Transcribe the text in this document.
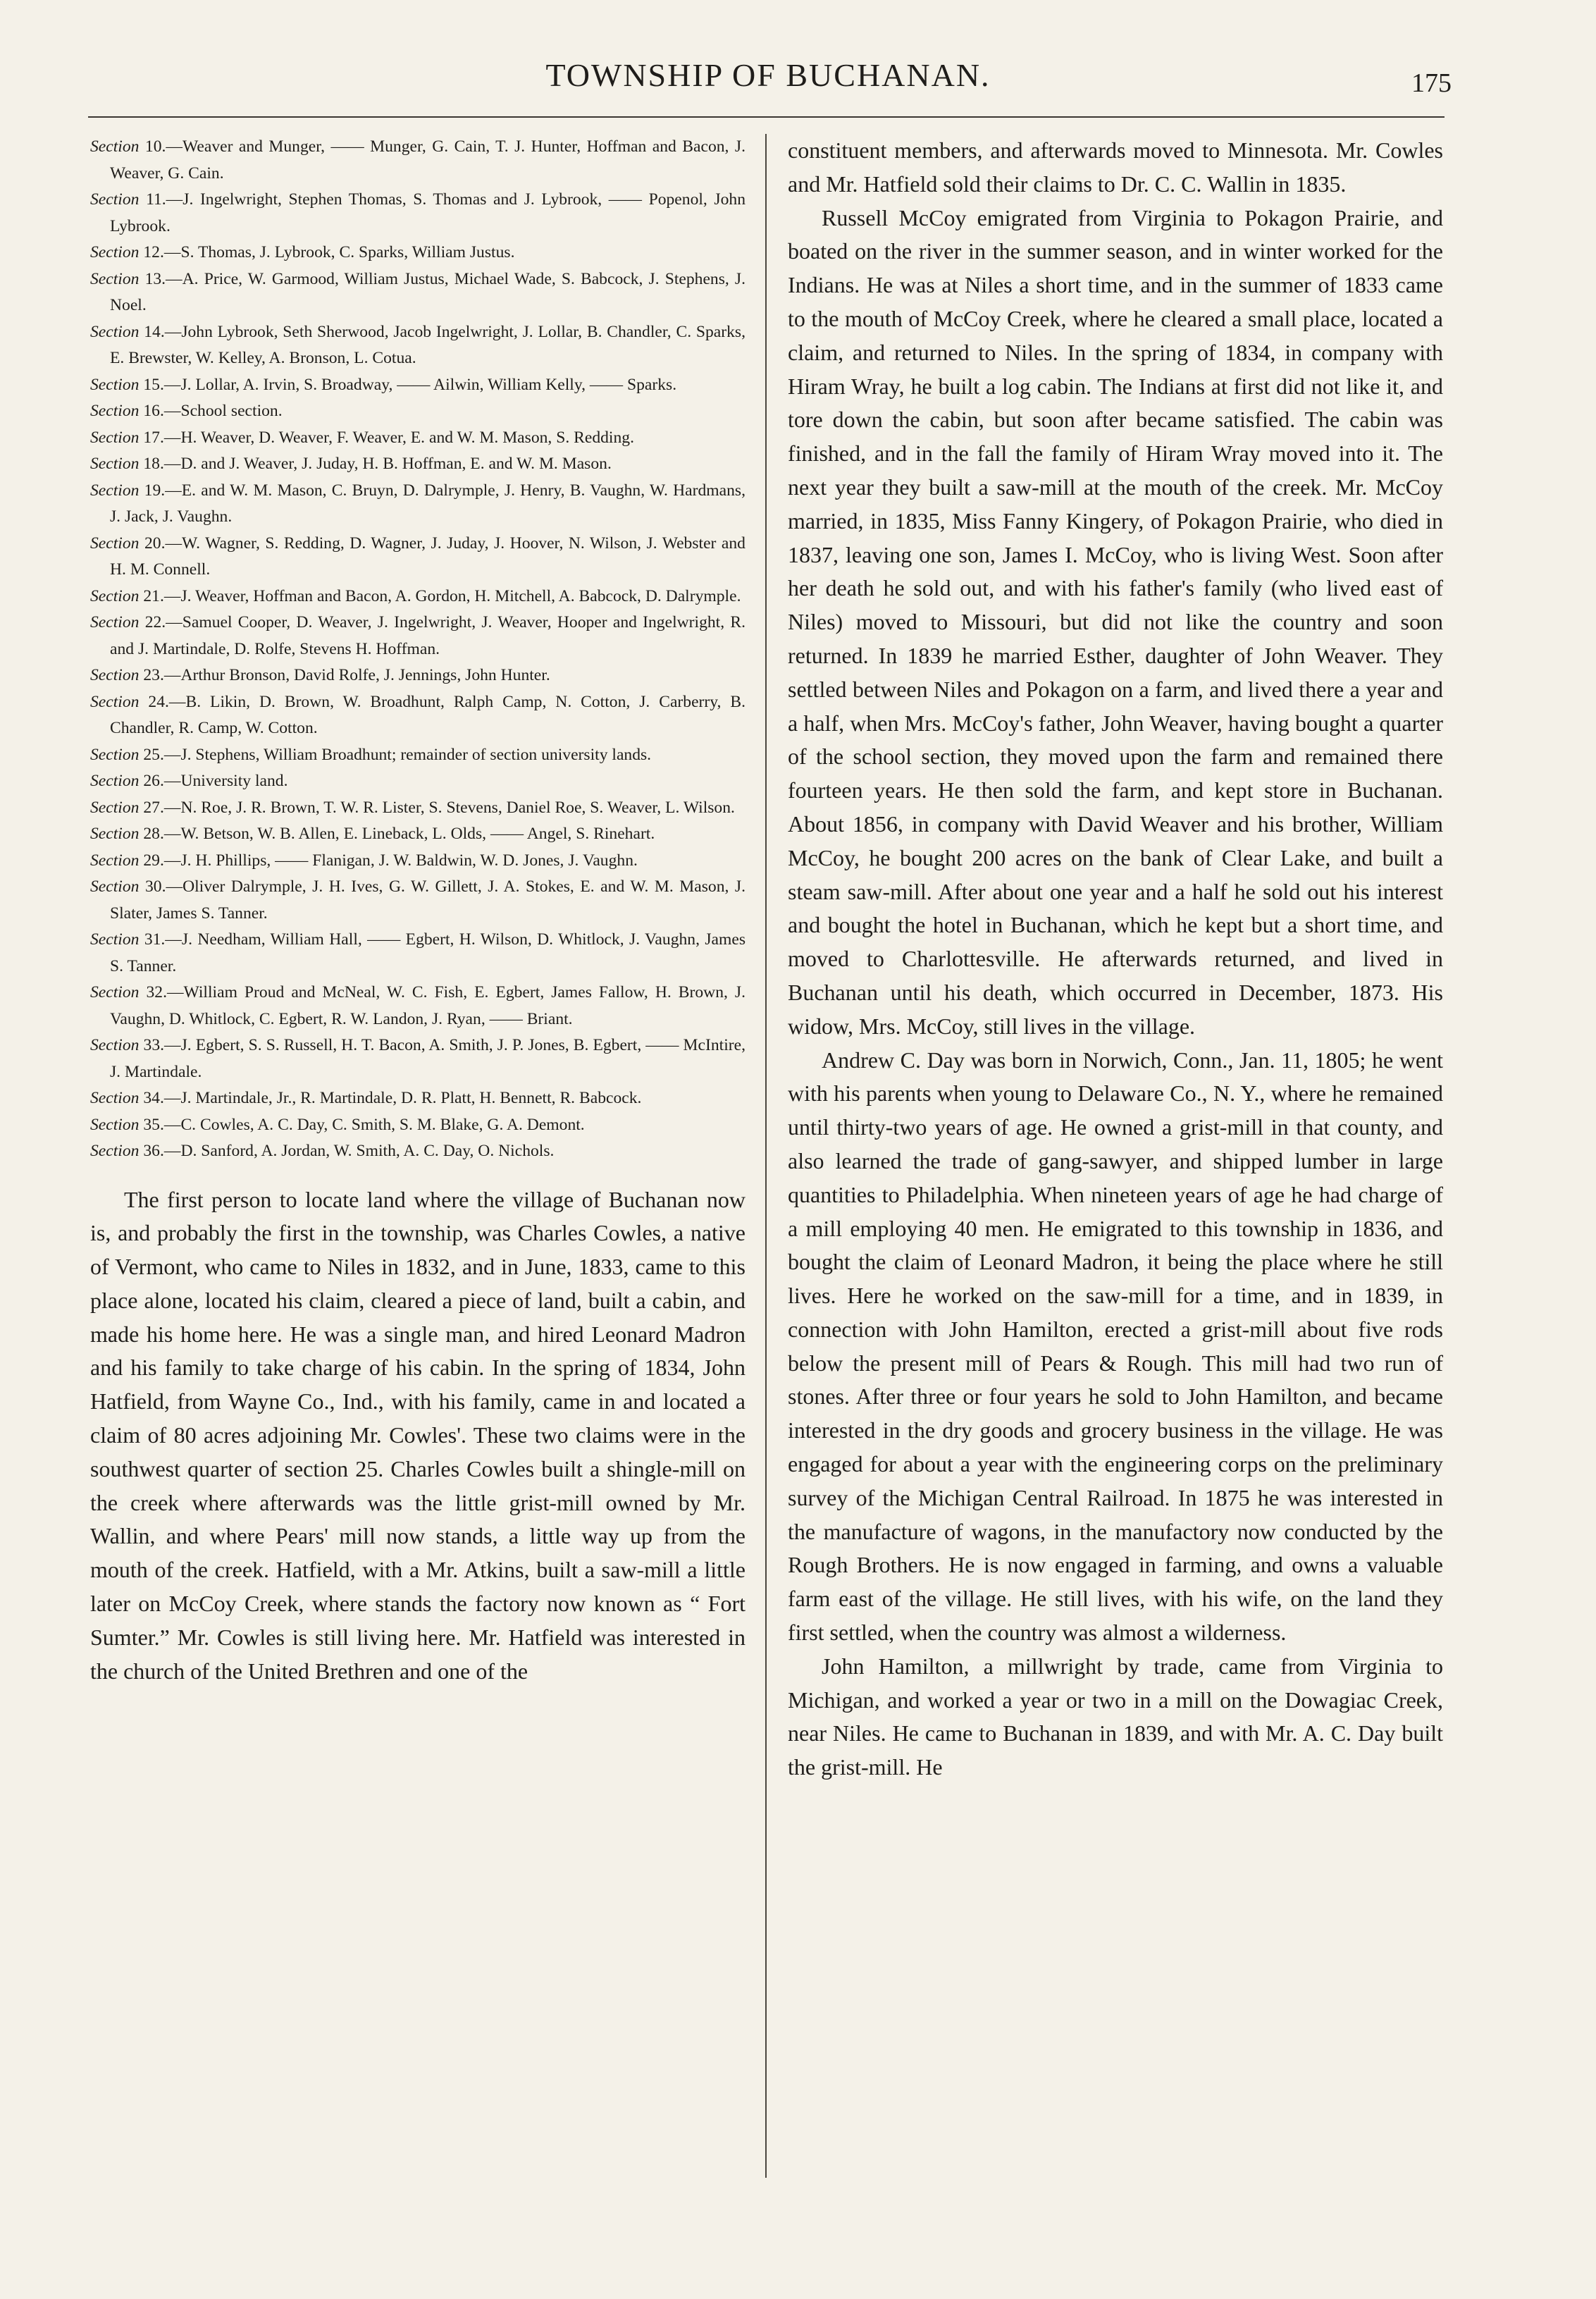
TOWNSHIP OF BUCHANAN.	175

Section 10.—Weaver and Munger, —— Munger, G. Cain, T. J. Hunter, Hoffman and Bacon, J. Weaver, G. Cain.

Section 11.—J. Ingelwright, Stephen Thomas, S. Thomas and J. Lybrook, —— Popenol, John Lybrook.

Section 12.—S. Thomas, J. Lybrook, C. Sparks, William Justus.

Section 13.—A. Price, W. Garmood, William Justus, Michael Wade, S. Babcock, J. Stephens, J. Noel.

Section 14.—John Lybrook, Seth Sherwood, Jacob Ingelwright, J. Lollar, B. Chandler, C. Sparks, E. Brewster, W. Kelley, A. Bronson, L. Cotua.

Section 15.—J. Lollar, A. Irvin, S. Broadway, —— Ailwin, William Kelly, —— Sparks.

Section 16.—School section.

Section 17.—H. Weaver, D. Weaver, F. Weaver, E. and W. M. Mason, S. Redding.

Section 18.—D. and J. Weaver, J. Juday, H. B. Hoffman, E. and W. M. Mason.

Section 19.—E. and W. M. Mason, C. Bruyn, D. Dalrymple, J. Henry, B. Vaughn, W. Hardmans, J. Jack, J. Vaughn.

Section 20.—W. Wagner, S. Redding, D. Wagner, J. Juday, J. Hoover, N. Wilson, J. Webster and H. M. Connell.

Section 21.—J. Weaver, Hoffman and Bacon, A. Gordon, H. Mitchell, A. Babcock, D. Dalrymple.

Section 22.—Samuel Cooper, D. Weaver, J. Ingelwright, J. Weaver, Hooper and Ingelwright, R. and J. Martindale, D. Rolfe, Stevens H. Hoffman.

Section 23.—Arthur Bronson, David Rolfe, J. Jennings, John Hunter.

Section 24.—B. Likin, D. Brown, W. Broadhunt, Ralph Camp, N. Cotton, J. Carberry, B. Chandler, R. Camp, W. Cotton.

Section 25.—J. Stephens, William Broadhunt; remainder of section university lands.

Section 26.—University land.

Section 27.—N. Roe, J. R. Brown, T. W. R. Lister, S. Stevens, Daniel Roe, S. Weaver, L. Wilson.

Section 28.—W. Betson, W. B. Allen, E. Lineback, L. Olds, —— Angel, S. Rinehart.

Section 29.—J. H. Phillips, —— Flanigan, J. W. Baldwin, W. D. Jones, J. Vaughn.

Section 30.—Oliver Dalrymple, J. H. Ives, G. W. Gillett, J. A. Stokes, E. and W. M. Mason, J. Slater, James S. Tanner.

Section 31.—J. Needham, William Hall, —— Egbert, H. Wilson, D. Whitlock, J. Vaughn, James S. Tanner.

Section 32.—William Proud and McNeal, W. C. Fish, E. Egbert, James Fallow, H. Brown, J. Vaughn, D. Whitlock, C. Egbert, R. W. Landon, J. Ryan, —— Briant.

Section 33.—J. Egbert, S. S. Russell, H. T. Bacon, A. Smith, J. P. Jones, B. Egbert, —— McIntire, J. Martindale.

Section 34.—J. Martindale, Jr., R. Martindale, D. R. Platt, H. Bennett, R. Babcock.

Section 35.—C. Cowles, A. C. Day, C. Smith, S. M. Blake, G. A. Demont.

Section 36.—D. Sanford, A. Jordan, W. Smith, A. C. Day, O. Nichols.

The first person to locate land where the village of Buchanan now is, and probably the first in the township, was Charles Cowles, a native of Vermont, who came to Niles in 1832, and in June, 1833, came to this place alone, located his claim, cleared a piece of land, built a cabin, and made his home here. He was a single man, and hired Leonard Madron and his family to take charge of his cabin. In the spring of 1834, John Hatfield, from Wayne Co., Ind., with his family, came in and located a claim of 80 acres adjoining Mr. Cowles'. These two claims were in the southwest quarter of section 25. Charles Cowles built a shingle-mill on the creek where afterwards was the little grist-mill owned by Mr. Wallin, and where Pears' mill now stands, a little way up from the mouth of the creek. Hatfield, with a Mr. Atkins, built a saw-mill a little later on McCoy Creek, where stands the factory now known as “ Fort Sumter.” Mr. Cowles is still living here. Mr. Hatfield was interested in the church of the United Brethren and one of the

constituent members, and afterwards moved to Minnesota. Mr. Cowles and Mr. Hatfield sold their claims to Dr. C. C. Wallin in 1835.

Russell McCoy emigrated from Virginia to Pokagon Prairie, and boated on the river in the summer season, and in winter worked for the Indians. He was at Niles a short time, and in the summer of 1833 came to the mouth of McCoy Creek, where he cleared a small place, located a claim, and returned to Niles. In the spring of 1834, in company with Hiram Wray, he built a log cabin. The Indians at first did not like it, and tore down the cabin, but soon after became satisfied. The cabin was finished, and in the fall the family of Hiram Wray moved into it. The next year they built a saw-mill at the mouth of the creek. Mr. McCoy married, in 1835, Miss Fanny Kingery, of Pokagon Prairie, who died in 1837, leaving one son, James I. McCoy, who is living West. Soon after her death he sold out, and with his father's family (who lived east of Niles) moved to Missouri, but did not like the country and soon returned. In 1839 he married Esther, daughter of John Weaver. They settled between Niles and Pokagon on a farm, and lived there a year and a half, when Mrs. McCoy's father, John Weaver, having bought a quarter of the school section, they moved upon the farm and remained there fourteen years. He then sold the farm, and kept store in Buchanan. About 1856, in company with David Weaver and his brother, William McCoy, he bought 200 acres on the bank of Clear Lake, and built a steam saw-mill. After about one year and a half he sold out his interest and bought the hotel in Buchanan, which he kept but a short time, and moved to Charlottesville. He afterwards returned, and lived in Buchanan until his death, which occurred in December, 1873. His widow, Mrs. McCoy, still lives in the village.

Andrew C. Day was born in Norwich, Conn., Jan. 11, 1805; he went with his parents when young to Delaware Co., N. Y., where he remained until thirty-two years of age. He owned a grist-mill in that county, and also learned the trade of gang-sawyer, and shipped lumber in large quantities to Philadelphia. When nineteen years of age he had charge of a mill employing 40 men. He emigrated to this township in 1836, and bought the claim of Leonard Madron, it being the place where he still lives. Here he worked on the saw-mill for a time, and in 1839, in connection with John Hamilton, erected a grist-mill about five rods below the present mill of Pears & Rough. This mill had two run of stones. After three or four years he sold to John Hamilton, and became interested in the dry goods and grocery business in the village. He was engaged for about a year with the engineering corps on the preliminary survey of the Michigan Central Railroad. In 1875 he was interested in the manufacture of wagons, in the manufactory now conducted by the Rough Brothers. He is now engaged in farming, and owns a valuable farm east of the village. He still lives, with his wife, on the land they first settled, when the country was almost a wilderness.

John Hamilton, a millwright by trade, came from Virginia to Michigan, and worked a year or two in a mill on the Dowagiac Creek, near Niles. He came to Buchanan in 1839, and with Mr. A. C. Day built the grist-mill. He
